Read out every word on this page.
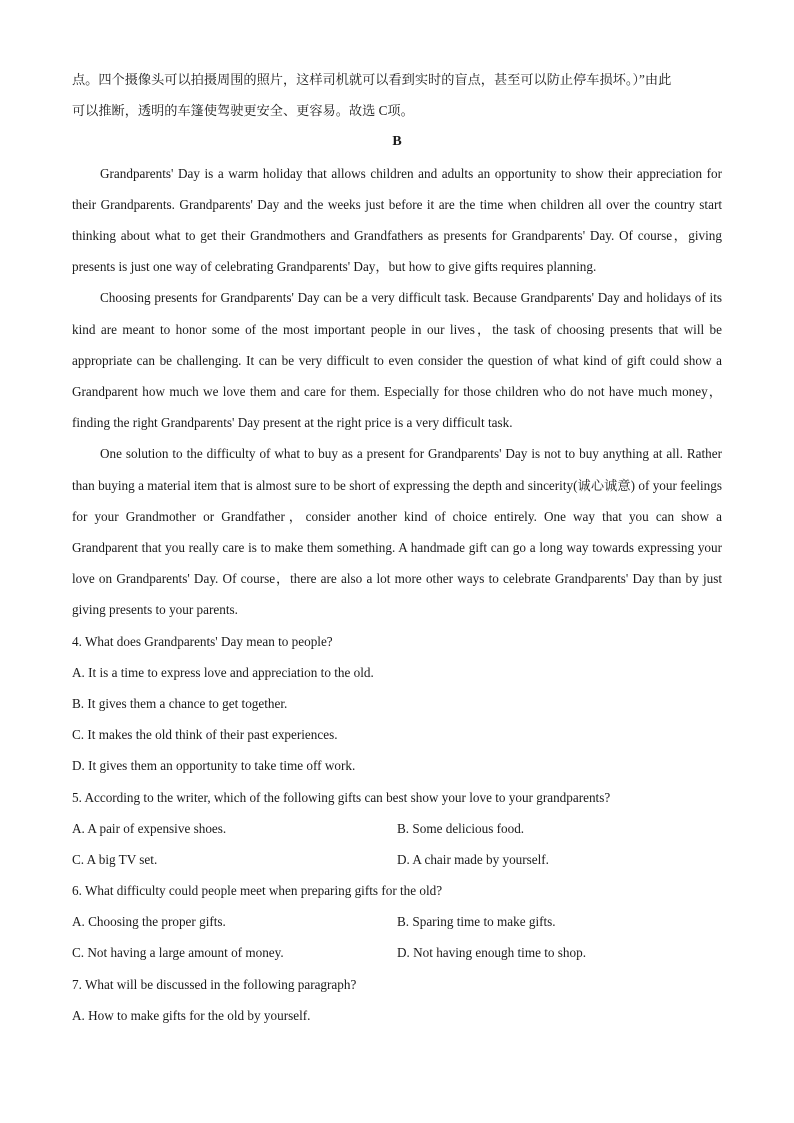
点。四个摄像头可以拍摄周围的照片，这样司机就可以看到实时的盲点，甚至可以防止停车损坏。）”由此
可以推断，透明的车篷使驾驶更安全、更容易。故选 C项。
B

Grandparents' Day is a warm holiday that allows children and adults an opportunity to show their appreciation for their Grandparents. Grandparents' Day and the weeks just before it are the time when children all over the country start thinking about what to get their Grandmothers and Grandfathers as presents for Grandparents' Day. Of course，giving presents is just one way of celebrating Grandparents' Day，but how to give gifts requires planning.

Choosing presents for Grandparents' Day can be a very difficult task. Because Grandparents' Day and holidays of its kind are meant to honor some of the most important people in our lives，the task of choosing presents that will be appropriate can be challenging. It can be very difficult to even consider the question of what kind of gift could show a Grandparent how much we love them and care for them. Especially for those children who do not have much money，finding the right Grandparents' Day present at the right price is a very difficult task.

One solution to the difficulty of what to buy as a present for Grandparents' Day is not to buy anything at all. Rather than buying a material item that is almost sure to be short of expressing the depth and sincerity(诚心诚意) of your feelings for your Grandmother or Grandfather，consider another kind of choice entirely. One way that you can show a Grandparent that you really care is to make them something. A handmade gift can go a long way towards expressing your love on Grandparents' Day. Of course，there are also a lot more other ways to celebrate Grandparents' Day than by just giving presents to your parents.

4. What does Grandparents' Day mean to people?
A. It is a time to express love and appreciation to the old.
B. It gives them a chance to get together.
C. It makes the old think of their past experiences.
D. It gives them an opportunity to take time off work.
5. According to the writer, which of the following gifts can best show your love to your grandparents?
A. A pair of expensive shoes.	B. Some delicious food.
C. A big TV set.	D. A chair made by yourself.
6. What difficulty could people meet when preparing gifts for the old?
A. Choosing the proper gifts.	B. Sparing time to make gifts.
C. Not having a large amount of money.	D. Not having enough time to shop.
7. What will be discussed in the following paragraph?
A. How to make gifts for the old by yourself.
